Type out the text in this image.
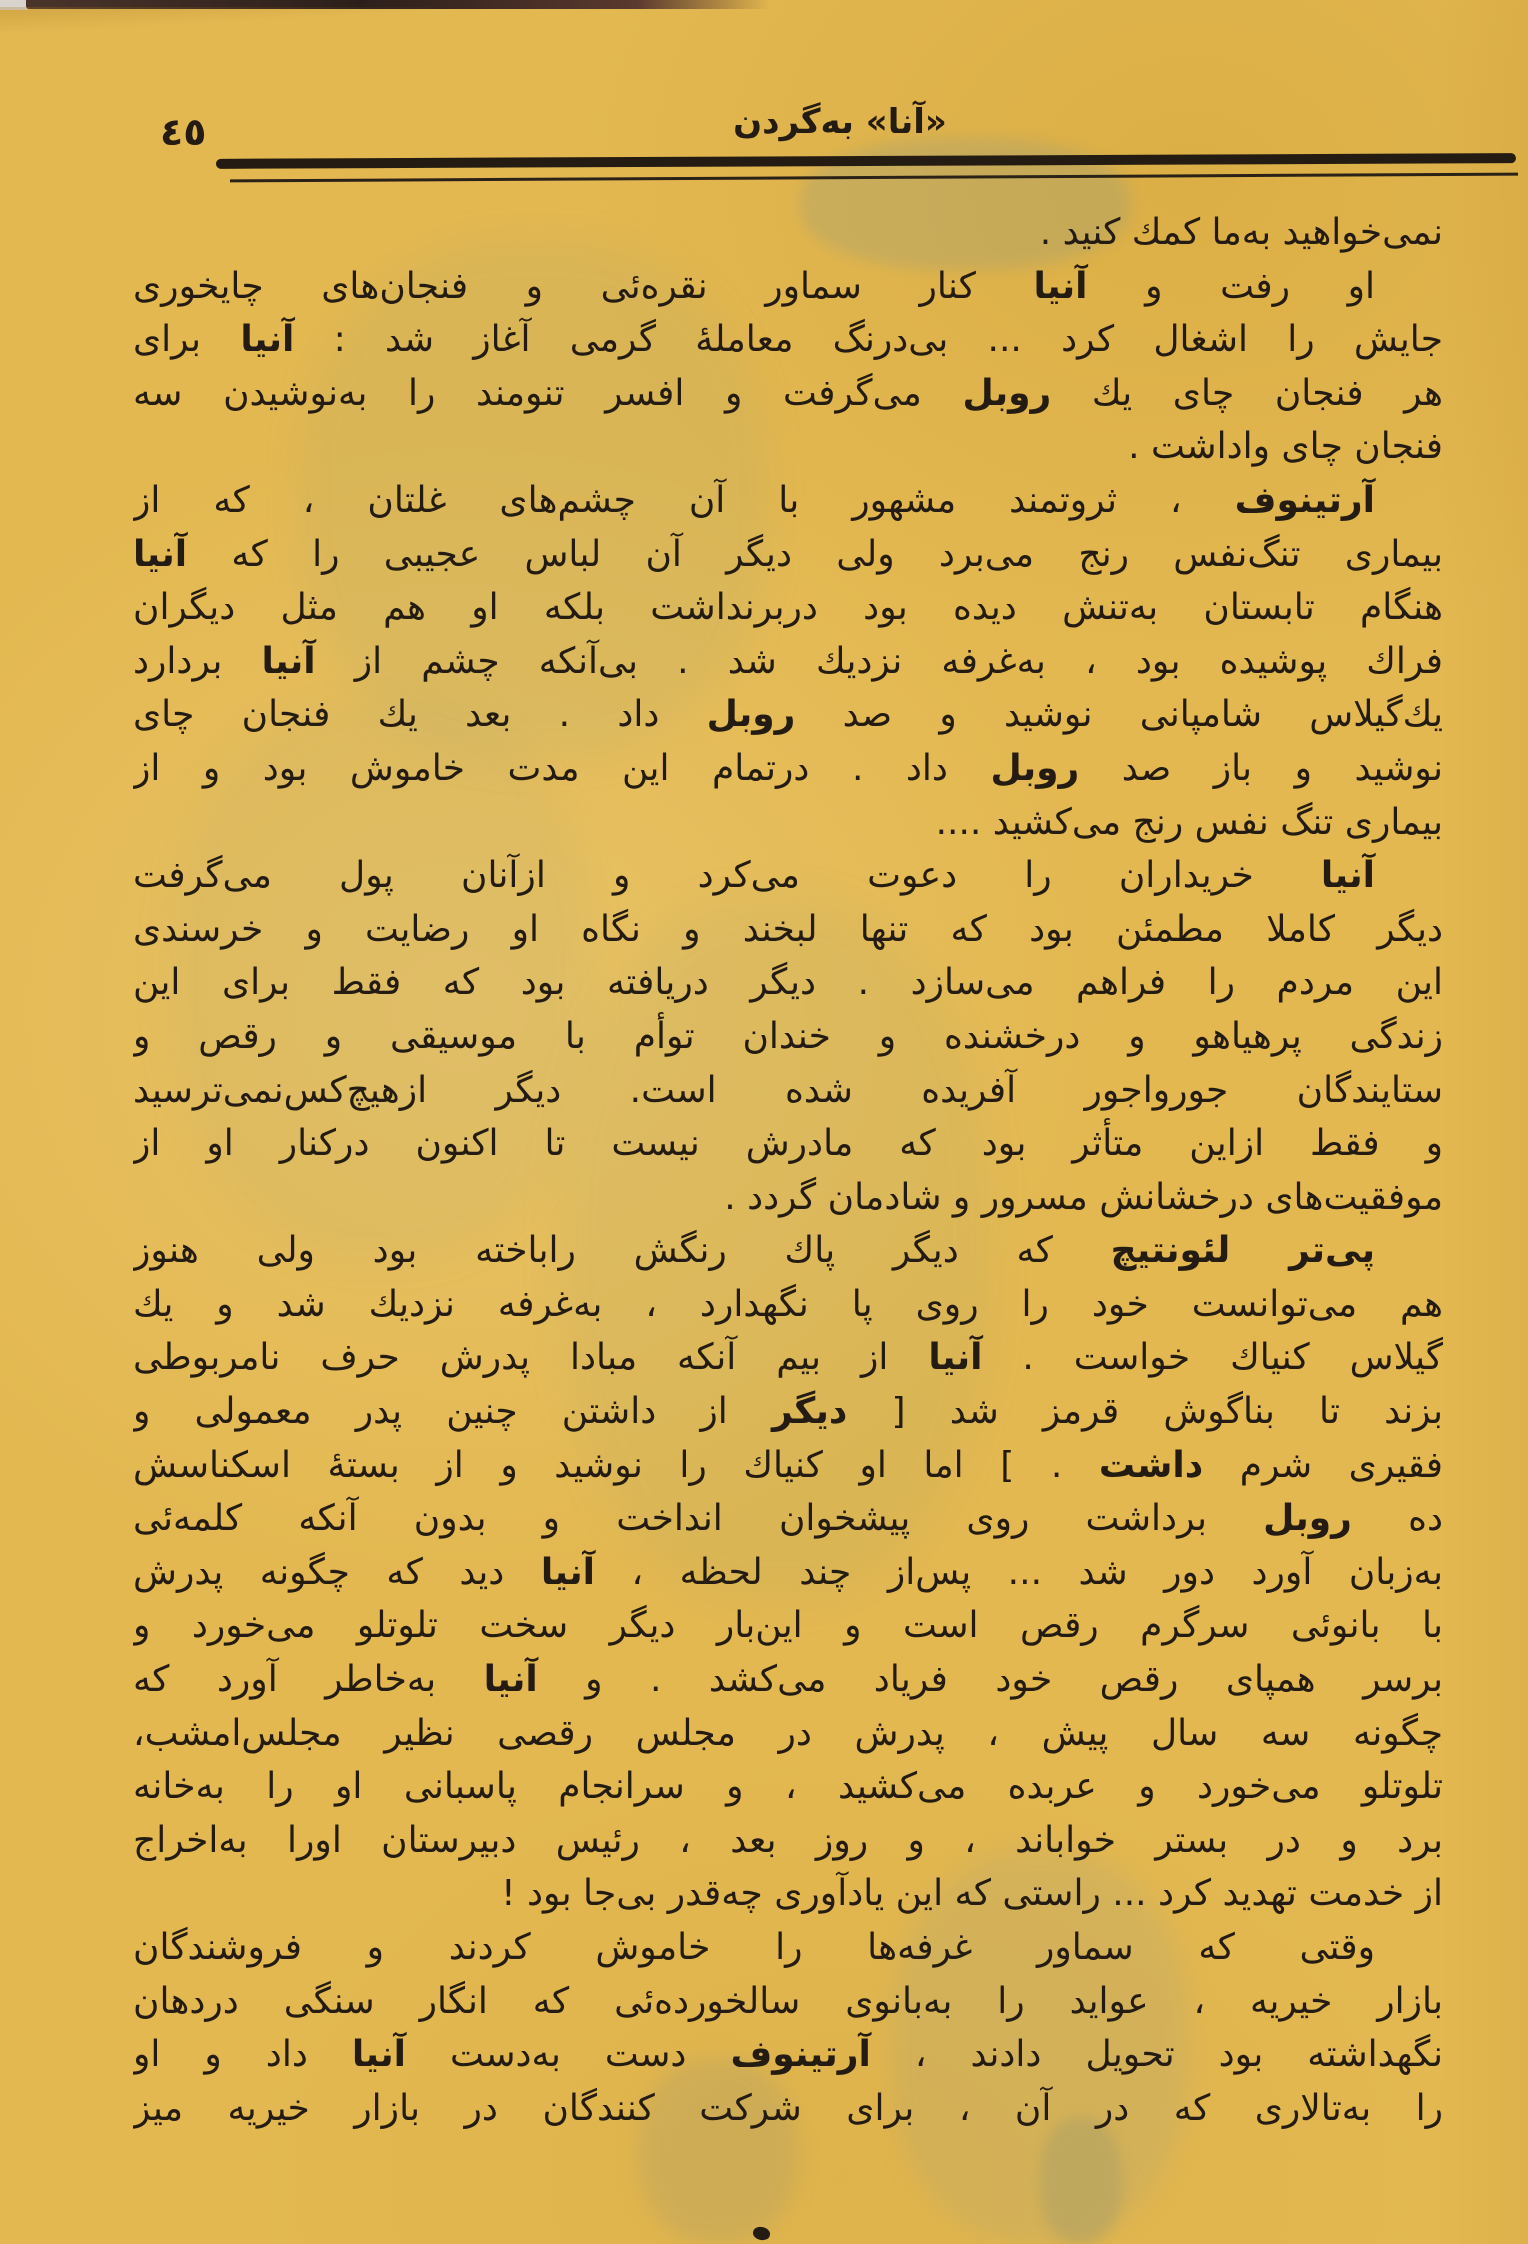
٤٥	«آنا» به‌گردن
نمی‌خواهید به‌ما كمك كنید .
او رفت و آنیا كنار سماور نقره‌ئی و فنجان‌های چایخوری
جایش را اشغال كرد ... بی‌درنگ معاملهٔ گرمی آغاز شد : آنیا برای
هر فنجان چای یك روبل می‌گرفت و افسر تنومند را به‌نوشیدن سه
فنجان چای واداشت .
آرتینوف ، ثروتمند مشهور با آن چشم‌های غلتان ، كه از
بیماری تنگ‌نفس رنج می‌برد ولی دیگر آن لباس عجیبی را كه آنیا
هنگام تابستان به‌تنش دیده بود دربرنداشت بلكه او هم مثل دیگران
فراك پوشیده بود ، به‌غرفه نزدیك شد . بی‌آنكه چشم از آنیا بردارد
یك‌گیلاس شامپانی نوشید و صد روبل داد . بعد یك فنجان چای
نوشید و باز صد روبل داد . درتمام این مدت خاموش بود و از
بیماری تنگ نفس رنج می‌كشید ....
آنیا خریداران را دعوت می‌كرد و ازآنان پول می‌گرفت
دیگر كاملا مطمئن بود كه تنها لبخند و نگاه او رضایت و خرسندی
این مردم را فراهم می‌سازد . دیگر دریافته بود كه فقط برای این
زندگی پرهیاهو و درخشنده و خندان توأم با موسیقی و رقص و
ستایندگان جورواجور آفریده شده است. دیگر ازهیچ‌كس‌نمی‌ترسید
و فقط ازاین متأثر بود كه مادرش نیست تا اكنون دركنار او از
موفقیت‌های درخشانش مسرور و شادمان گردد .
پی‌تر لئونتیچ كه دیگر پاك رنگش راباخته بود ولی هنوز
هم می‌توانست خود را روی پا نگهدارد ، به‌غرفه نزدیك شد و یك
گیلاس كنیاك خواست . آنیا از بیم آنكه مبادا پدرش حرف نامربوطی
بزند تا بناگوش قرمز شد [ دیگر از داشتن چنین پدر معمولی و
فقیری شرم داشت . ] اما او كنیاك را نوشید و از بستهٔ اسكناسش
ده روبل برداشت روی پیشخوان انداخت و بدون آنكه كلمه‌ئی
به‌زبان آورد دور شد ... پس‌از چند لحظه ، آنیا دید كه چگونه پدرش
با بانوئی سرگرم رقص است و این‌بار دیگر سخت تلوتلو می‌خورد و
برسر همپای رقص خود فریاد می‌كشد . و آنیا به‌خاطر آورد كه
چگونه سه سال پیش ، پدرش در مجلس رقصی نظیر مجلس‌امشب،
تلوتلو می‌خورد و عربده می‌كشید ، و سرانجام پاسبانی او را به‌خانه
برد و در بستر خواباند ، و روز بعد ، رئیس دبیرستان اورا به‌اخراج
از خدمت تهدید كرد ... راستی كه این یادآوری چه‌قدر بی‌جا بود !
وقتی كه سماور غرفه‌ها را خاموش كردند و فروشندگان
بازار خیریه ، عواید را به‌بانوی سالخورده‌ئی كه انگار سنگی دردهان
نگهداشته بود تحویل دادند ، آرتینوف دست به‌دست آنیا داد و او
را به‌تالاری كه در آن ، برای شركت كنندگان در بازار خیریه میز
